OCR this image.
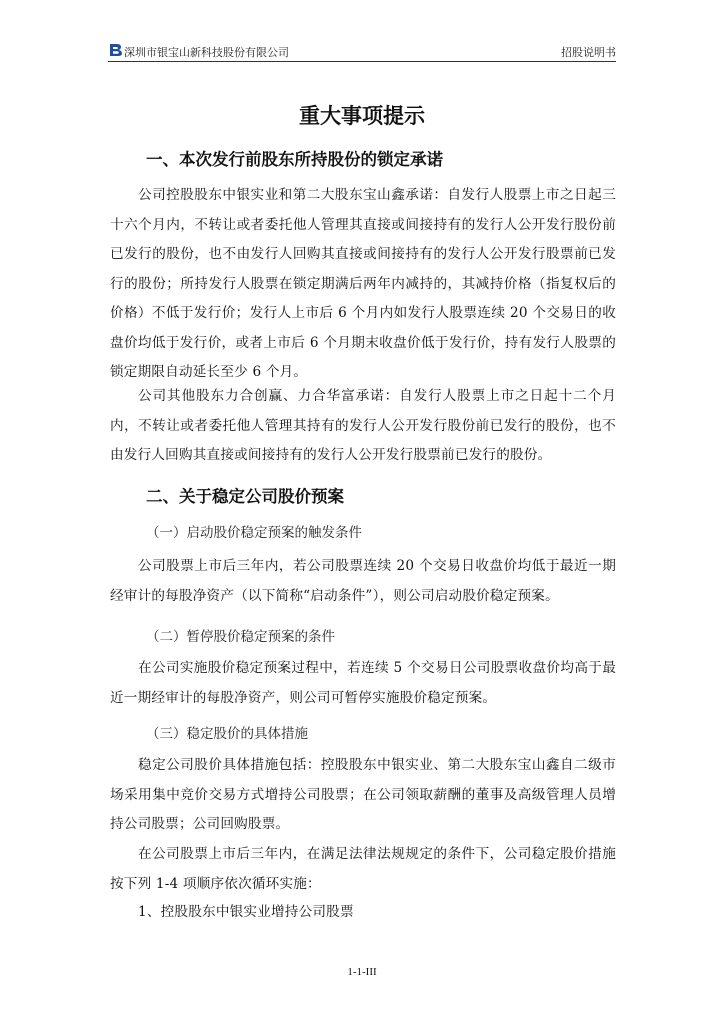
深圳市银宝山新科技股份有限公司	招股说明书
重大事项提示
一、本次发行前股东所持股份的锁定承诺
公司控股股东中银实业和第二大股东宝山鑫承诺：自发行人股票上市之日起三十六个月内，不转让或者委托他人管理其直接或间接持有的发行人公开发行股份前已发行的股份，也不由发行人回购其直接或间接持有的发行人公开发行股票前已发行的股份；所持发行人股票在锁定期满后两年内减持的，其减持价格（指复权后的价格）不低于发行价；发行人上市后 6 个月内如发行人股票连续 20 个交易日的收盘价均低于发行价，或者上市后 6 个月期末收盘价低于发行价，持有发行人股票的锁定期限自动延长至少 6 个月。
公司其他股东力合创赢、力合华富承诺：自发行人股票上市之日起十二个月内，不转让或者委托他人管理其持有的发行人公开发行股份前已发行的股份，也不由发行人回购其直接或间接持有的发行人公开发行股票前已发行的股份。
二、关于稳定公司股价预案
（一）启动股价稳定预案的触发条件
公司股票上市后三年内，若公司股票连续 20 个交易日收盘价均低于最近一期经审计的每股净资产（以下简称“启动条件”），则公司启动股价稳定预案。
（二）暂停股价稳定预案的条件
在公司实施股价稳定预案过程中，若连续 5 个交易日公司股票收盘价均高于最近一期经审计的每股净资产，则公司可暂停实施股价稳定预案。
（三）稳定股价的具体措施
稳定公司股价具体措施包括：控股股东中银实业、第二大股东宝山鑫自二级市场采用集中竞价交易方式增持公司股票；在公司领取薪酬的董事及高级管理人员增持公司股票；公司回购股票。
在公司股票上市后三年内，在满足法律法规规定的条件下，公司稳定股价措施按下列 1-4 项顺序依次循环实施：
1、控股股东中银实业增持公司股票
1-1-III
